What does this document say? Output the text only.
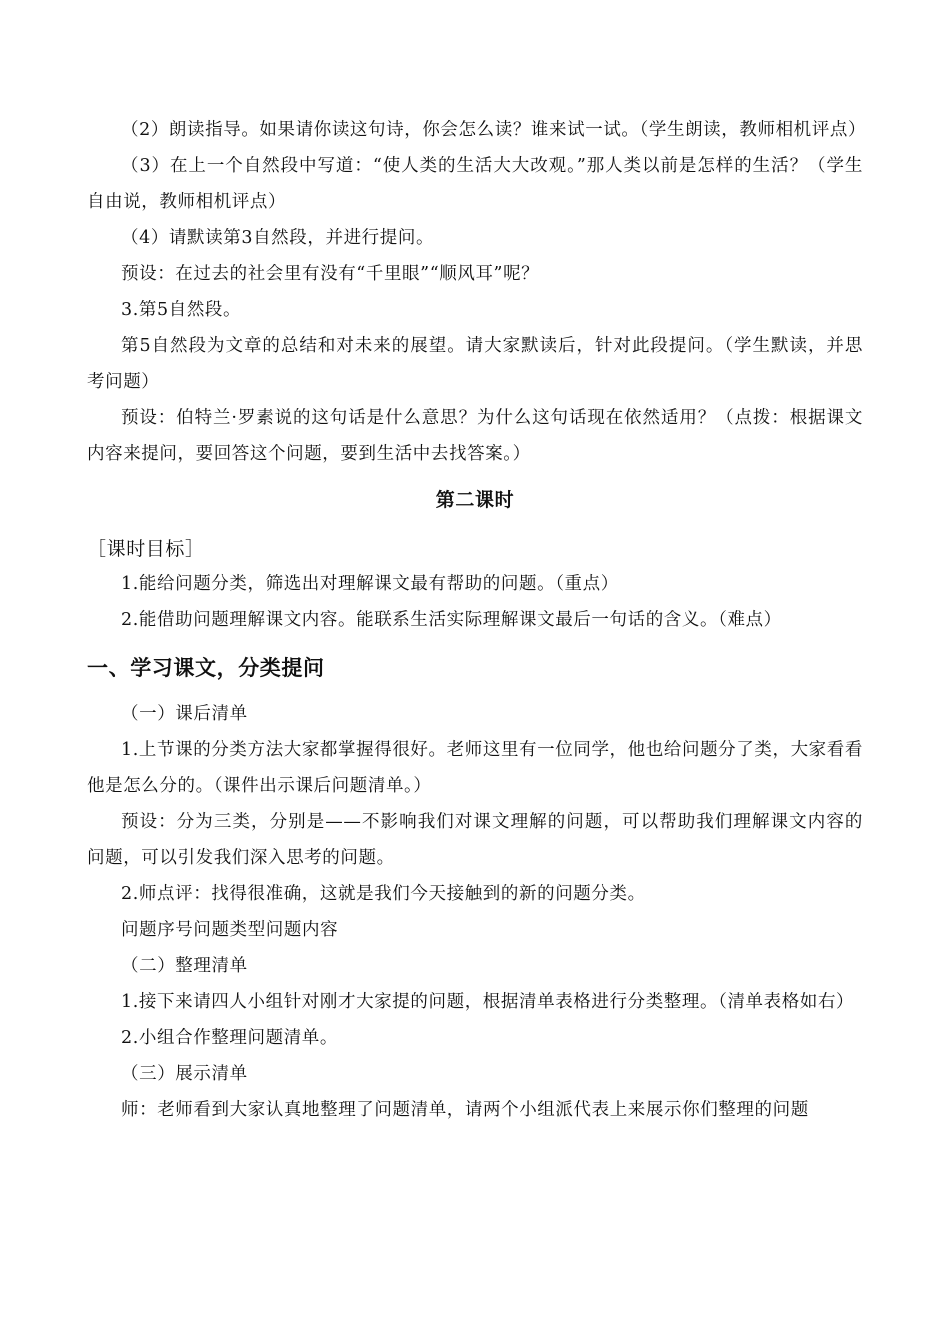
（2）朗读指导。如果请你读这句诗，你会怎么读？谁来试一试。（学生朗读，教师相机评点）

（3）在上一个自然段中写道：“使人类的生活大大改观。”那人类以前是怎样的生活？（学生自由说，教师相机评点）

（4）请默读第3自然段，并进行提问。

预设：在过去的社会里有没有“千里眼”“顺风耳”呢？

3.第5自然段。

第5自然段为文章的总结和对未来的展望。请大家默读后，针对此段提问。（学生默读，并思考问题）

预设：伯特兰·罗素说的这句话是什么意思？为什么这句话现在依然适用？（点拨：根据课文内容来提问，要回答这个问题，要到生活中去找答案。）

第二课时

［课时目标］

1.能给问题分类，筛选出对理解课文最有帮助的问题。（重点）

2.能借助问题理解课文内容。能联系生活实际理解课文最后一句话的含义。（难点）

一、学习课文，分类提问

（一）课后清单

1.上节课的分类方法大家都掌握得很好。老师这里有一位同学，他也给问题分了类，大家看看他是怎么分的。（课件出示课后问题清单。）

预设：分为三类，分别是——不影响我们对课文理解的问题，可以帮助我们理解课文内容的问题，可以引发我们深入思考的问题。

2.师点评：找得很准确，这就是我们今天接触到的新的问题分类。

问题序号问题类型问题内容

（二）整理清单

1.接下来请四人小组针对刚才大家提的问题，根据清单表格进行分类整理。（清单表格如右）

2.小组合作整理问题清单。

（三）展示清单

师：老师看到大家认真地整理了问题清单，请两个小组派代表上来展示你们整理的问题
